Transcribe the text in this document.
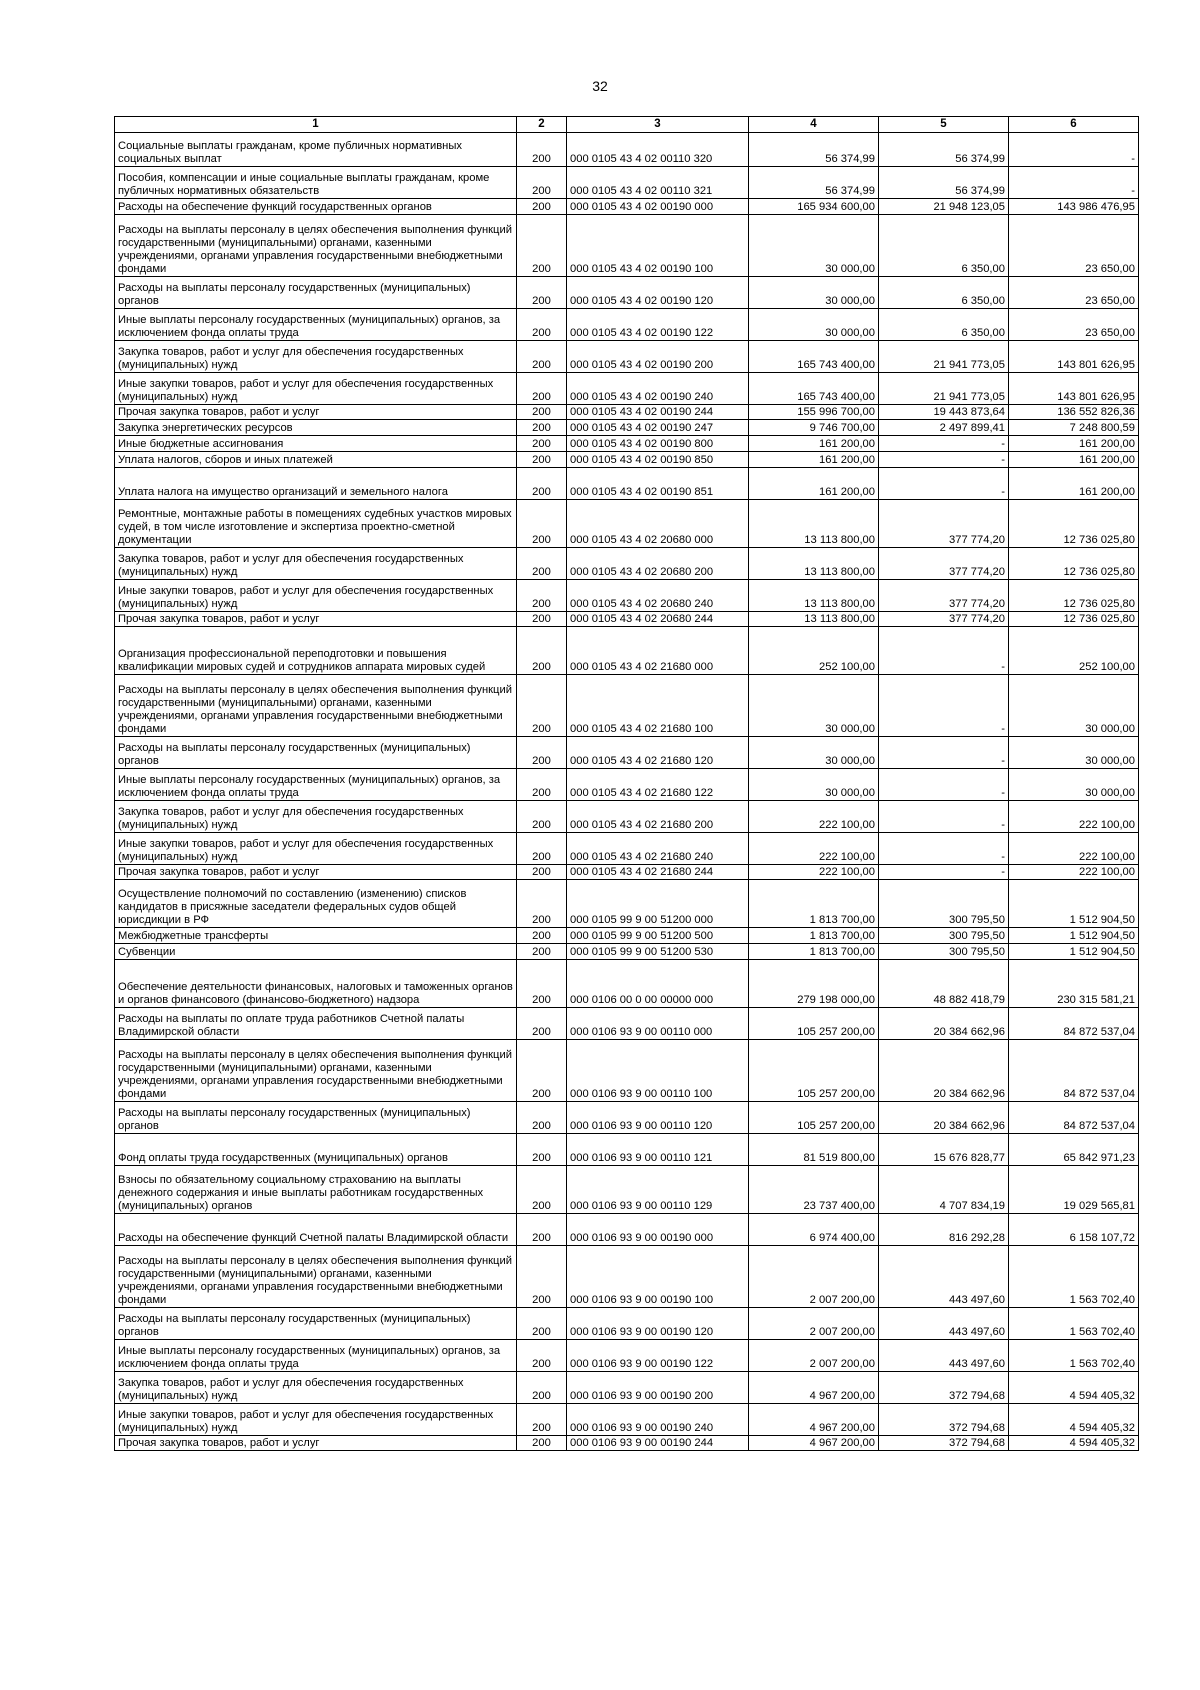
32
1	2	3	4	5	6
Социальные выплаты гражданам, кроме публичных нормативных социальных выплат	200	000 0105 43 4 02 00110 320	56 374,99	56 374,99	-
Пособия, компенсации и иные социальные выплаты гражданам, кроме публичных нормативных обязательств	200	000 0105 43 4 02 00110 321	56 374,99	56 374,99	-
Расходы на обеспечение функций государственных органов	200	000 0105 43 4 02 00190 000	165 934 600,00	21 948 123,05	143 986 476,95
Расходы на выплаты персоналу в целях обеспечения выполнения функций государственными (муниципальными) органами, казенными учреждениями, органами управления государственными внебюджетными фондами	200	000 0105 43 4 02 00190 100	30 000,00	6 350,00	23 650,00
Расходы на выплаты персоналу государственных (муниципальных) органов	200	000 0105 43 4 02 00190 120	30 000,00	6 350,00	23 650,00
Иные выплаты персоналу государственных (муниципальных) органов, за исключением фонда оплаты труда	200	000 0105 43 4 02 00190 122	30 000,00	6 350,00	23 650,00
Закупка товаров, работ и услуг для обеспечения государственных (муниципальных) нужд	200	000 0105 43 4 02 00190 200	165 743 400,00	21 941 773,05	143 801 626,95
Иные закупки товаров, работ и услуг для обеспечения государственных (муниципальных) нужд	200	000 0105 43 4 02 00190 240	165 743 400,00	21 941 773,05	143 801 626,95
Прочая закупка товаров, работ и услуг	200	000 0105 43 4 02 00190 244	155 996 700,00	19 443 873,64	136 552 826,36
Закупка энергетических ресурсов	200	000 0105 43 4 02 00190 247	9 746 700,00	2 497 899,41	7 248 800,59
Иные бюджетные ассигнования	200	000 0105 43 4 02 00190 800	161 200,00	-	161 200,00
Уплата налогов, сборов и иных платежей	200	000 0105 43 4 02 00190 850	161 200,00	-	161 200,00
Уплата налога на имущество организаций и земельного налога	200	000 0105 43 4 02 00190 851	161 200,00	-	161 200,00
Ремонтные, монтажные работы в помещениях судебных участков мировых судей, в том числе изготовление и экспертиза проектно-сметной документации	200	000 0105 43 4 02 20680 000	13 113 800,00	377 774,20	12 736 025,80
Закупка товаров, работ и услуг для обеспечения государственных (муниципальных) нужд	200	000 0105 43 4 02 20680 200	13 113 800,00	377 774,20	12 736 025,80
Иные закупки товаров, работ и услуг для обеспечения государственных (муниципальных) нужд	200	000 0105 43 4 02 20680 240	13 113 800,00	377 774,20	12 736 025,80
Прочая закупка товаров, работ и услуг	200	000 0105 43 4 02 20680 244	13 113 800,00	377 774,20	12 736 025,80
Организация профессиональной переподготовки и повышения квалификации мировых судей и сотрудников аппарата мировых судей	200	000 0105 43 4 02 21680 000	252 100,00	-	252 100,00
Расходы на выплаты персоналу в целях обеспечения выполнения функций государственными (муниципальными) органами, казенными учреждениями, органами управления государственными внебюджетными фондами	200	000 0105 43 4 02 21680 100	30 000,00	-	30 000,00
Расходы на выплаты персоналу государственных (муниципальных) органов	200	000 0105 43 4 02 21680 120	30 000,00	-	30 000,00
Иные выплаты персоналу государственных (муниципальных) органов, за исключением фонда оплаты труда	200	000 0105 43 4 02 21680 122	30 000,00	-	30 000,00
Закупка товаров, работ и услуг для обеспечения государственных (муниципальных) нужд	200	000 0105 43 4 02 21680 200	222 100,00	-	222 100,00
Иные закупки товаров, работ и услуг для обеспечения государственных (муниципальных) нужд	200	000 0105 43 4 02 21680 240	222 100,00	-	222 100,00
Прочая закупка товаров, работ и услуг	200	000 0105 43 4 02 21680 244	222 100,00	-	222 100,00
Осуществление полномочий по составлению (изменению) списков кандидатов в присяжные заседатели федеральных судов общей юрисдикции в РФ	200	000 0105 99 9 00 51200 000	1 813 700,00	300 795,50	1 512 904,50
Межбюджетные трансферты	200	000 0105 99 9 00 51200 500	1 813 700,00	300 795,50	1 512 904,50
Субвенции	200	000 0105 99 9 00 51200 530	1 813 700,00	300 795,50	1 512 904,50
Обеспечение деятельности финансовых, налоговых и таможенных органов и органов финансового (финансово-бюджетного) надзора	200	000 0106 00 0 00 00000 000	279 198 000,00	48 882 418,79	230 315 581,21
Расходы на выплаты по оплате труда работников Счетной палаты Владимирской области	200	000 0106 93 9 00 00110 000	105 257 200,00	20 384 662,96	84 872 537,04
Расходы на выплаты персоналу в целях обеспечения выполнения функций государственными (муниципальными) органами, казенными учреждениями, органами управления государственными внебюджетными фондами	200	000 0106 93 9 00 00110 100	105 257 200,00	20 384 662,96	84 872 537,04
Расходы на выплаты персоналу государственных (муниципальных) органов	200	000 0106 93 9 00 00110 120	105 257 200,00	20 384 662,96	84 872 537,04
Фонд оплаты труда государственных (муниципальных) органов	200	000 0106 93 9 00 00110 121	81 519 800,00	15 676 828,77	65 842 971,23
Взносы по обязательному социальному страхованию на выплаты денежного содержания и иные выплаты работникам государственных (муниципальных) органов	200	000 0106 93 9 00 00110 129	23 737 400,00	4 707 834,19	19 029 565,81
Расходы на обеспечение функций Счетной палаты Владимирской области	200	000 0106 93 9 00 00190 000	6 974 400,00	816 292,28	6 158 107,72
Расходы на выплаты персоналу в целях обеспечения выполнения функций государственными (муниципальными) органами, казенными учреждениями, органами управления государственными внебюджетными фондами	200	000 0106 93 9 00 00190 100	2 007 200,00	443 497,60	1 563 702,40
Расходы на выплаты персоналу государственных (муниципальных) органов	200	000 0106 93 9 00 00190 120	2 007 200,00	443 497,60	1 563 702,40
Иные выплаты персоналу государственных (муниципальных) органов, за исключением фонда оплаты труда	200	000 0106 93 9 00 00190 122	2 007 200,00	443 497,60	1 563 702,40
Закупка товаров, работ и услуг для обеспечения государственных (муниципальных) нужд	200	000 0106 93 9 00 00190 200	4 967 200,00	372 794,68	4 594 405,32
Иные закупки товаров, работ и услуг для обеспечения государственных (муниципальных) нужд	200	000 0106 93 9 00 00190 240	4 967 200,00	372 794,68	4 594 405,32
Прочая закупка товаров, работ и услуг	200	000 0106 93 9 00 00190 244	4 967 200,00	372 794,68	4 594 405,32
